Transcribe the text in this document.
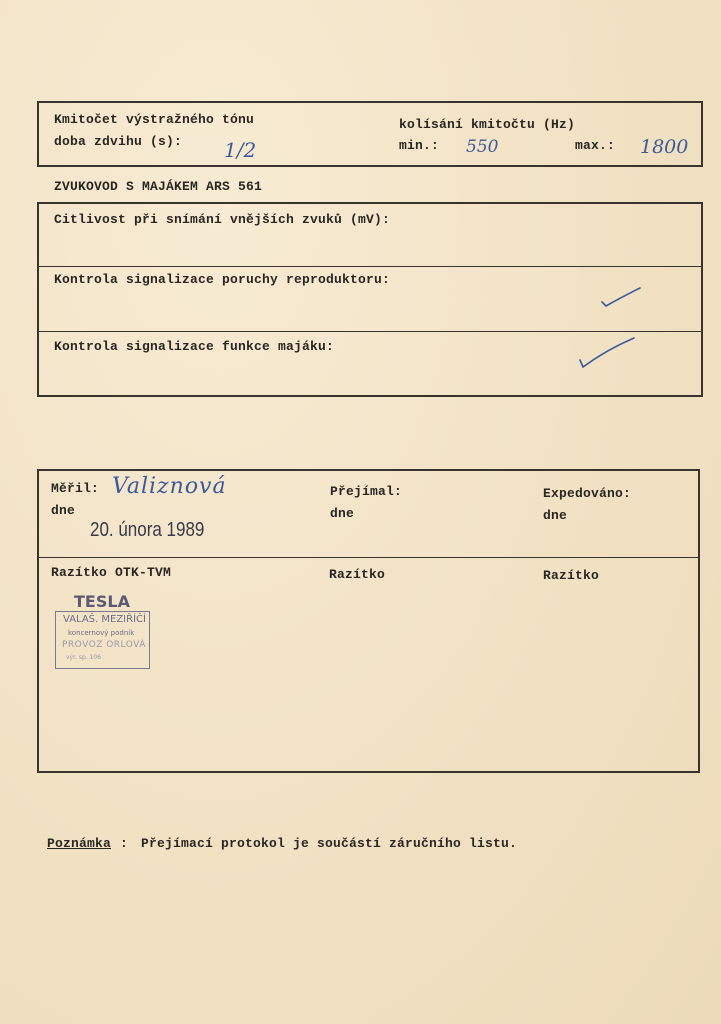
Kmitočet výstražného tónu
doba zdvihu (s): 1/2
kolísání kmitočtu (Hz)
min.: 550	max.: 1800
ZVUKOVOD S MAJÁKEM ARS 561
Citlivost při snímání vnějších zvuků (mV):
Kontrola signalizace poruchy reproduktoru:
Kontrola signalizace funkce majáku:
Měřil: Valiznová
dne
20. února 1989
Přejímal:
dne
Expedováno:
dne
Razítko OTK-TVM	Razítko	Razítko
TESLA
VALAŠ. MEZIŘÍČÍ
koncernový podnik
PROVOZ ORLOVÁ
výr. sp. 106
Poznámka : Přejímací protokol je součástí záručního listu.
